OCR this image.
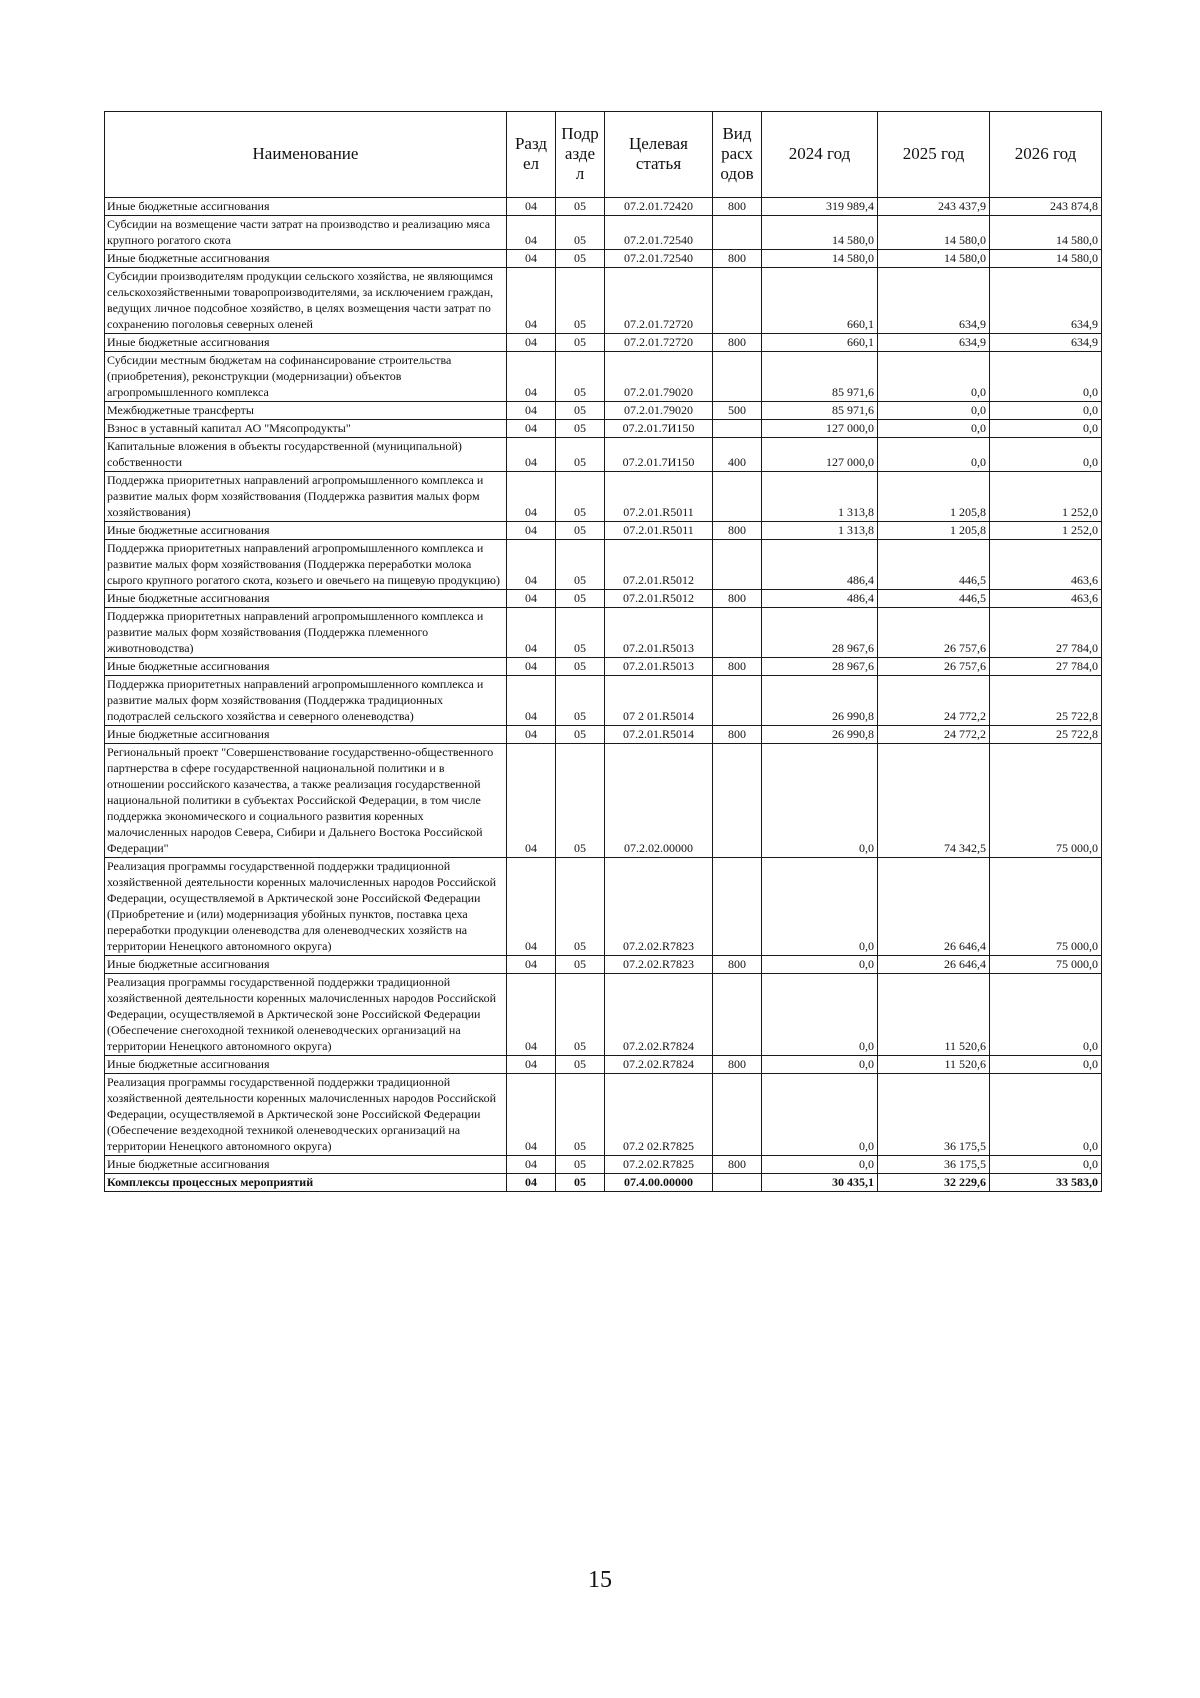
Наименование	Разд ел	Подр азде л	Целевая статья	Вид расх одов	2024 год	2025 год	2026 год
Иные бюджетные ассигнования	04	05	07.2.01.72420	800	319 989,4	243 437,9	243 874,8
Субсидии на возмещение части затрат на производство и реализацию мяса крупного рогатого скота	04	05	07.2.01.72540		14 580,0	14 580,0	14 580,0
Иные бюджетные ассигнования	04	05	07.2.01.72540	800	14 580,0	14 580,0	14 580,0
Субсидии производителям продукции сельского хозяйства, не являющимся сельскохозяйственными товаропроизводителями, за исключением граждан, ведущих личное подсобное хозяйство, в целях возмещения части затрат по сохранению поголовья северных оленей	04	05	07.2.01.72720		660,1	634,9	634,9
Иные бюджетные ассигнования	04	05	07.2.01.72720	800	660,1	634,9	634,9
Субсидии местным бюджетам на софинансирование строительства (приобретения), реконструкции (модернизации) объектов агропромышленного комплекса	04	05	07.2.01.79020		85 971,6	0,0	0,0
Межбюджетные трансферты	04	05	07.2.01.79020	500	85 971,6	0,0	0,0
Взнос в уставный капитал АО "Мясопродукты"	04	05	07.2.01.7И150		127 000,0	0,0	0,0
Капитальные вложения в объекты государственной (муниципальной) собственности	04	05	07.2.01.7И150	400	127 000,0	0,0	0,0
Поддержка приоритетных направлений агропромышленного комплекса и развитие малых форм хозяйствования (Поддержка развития малых форм хозяйствования)	04	05	07.2.01.R5011		1 313,8	1 205,8	1 252,0
Иные бюджетные ассигнования	04	05	07.2.01.R5011	800	1 313,8	1 205,8	1 252,0
Поддержка приоритетных направлений агропромышленного комплекса и развитие малых форм хозяйствования (Поддержка переработки молока сырого крупного рогатого скота, козьего и овечьего на пищевую продукцию)	04	05	07.2.01.R5012		486,4	446,5	463,6
Иные бюджетные ассигнования	04	05	07.2.01.R5012	800	486,4	446,5	463,6
Поддержка приоритетных направлений агропромышленного комплекса и развитие малых форм хозяйствования (Поддержка племенного животноводства)	04	05	07.2.01.R5013		28 967,6	26 757,6	27 784,0
Иные бюджетные ассигнования	04	05	07.2.01.R5013	800	28 967,6	26 757,6	27 784,0
Поддержка приоритетных направлений агропромышленного комплекса и развитие малых форм хозяйствования (Поддержка традиционных подотраслей сельского хозяйства и северного оленеводства)	04	05	07 2 01.R5014		26 990,8	24 772,2	25 722,8
Иные бюджетные ассигнования	04	05	07.2.01.R5014	800	26 990,8	24 772,2	25 722,8
Региональный проект "Совершенствование государственно-общественного партнерства в сфере государственной национальной политики и в отношении российского казачества, а также реализация государственной национальной политики в субъектах Российской Федерации, в том числе поддержка экономического и социального развития коренных малочисленных народов Севера, Сибири и Дальнего Востока Российской Федерации"	04	05	07.2.02.00000		0,0	74 342,5	75 000,0
Реализация программы государственной поддержки традиционной хозяйственной деятельности коренных малочисленных народов Российской Федерации, осуществляемой в Арктической зоне Российской Федерации (Приобретение и (или) модернизация убойных пунктов, поставка цеха переработки продукции оленеводства для оленеводческих хозяйств на территории Ненецкого автономного округа)	04	05	07.2.02.R7823		0,0	26 646,4	75 000,0
Иные бюджетные ассигнования	04	05	07.2.02.R7823	800	0,0	26 646,4	75 000,0
Реализация программы государственной поддержки традиционной хозяйственной деятельности коренных малочисленных народов Российской Федерации, осуществляемой в Арктической зоне Российской Федерации (Обеспечение снегоходной техникой оленеводческих организаций на территории Ненецкого автономного округа)	04	05	07.2.02.R7824		0,0	11 520,6	0,0
Иные бюджетные ассигнования	04	05	07.2.02.R7824	800	0,0	11 520,6	0,0
Реализация программы государственной поддержки традиционной хозяйственной деятельности коренных малочисленных народов Российской Федерации, осуществляемой в Арктической зоне Российской Федерации (Обеспечение вездеходной техникой оленеводческих организаций на территории Ненецкого автономного округа)	04	05	07.2 02.R7825		0,0	36 175,5	0,0
Иные бюджетные ассигнования	04	05	07.2.02.R7825	800	0,0	36 175,5	0,0
Комплексы процессных мероприятий	04	05	07.4.00.00000		30 435,1	32 229,6	33 583,0
15
